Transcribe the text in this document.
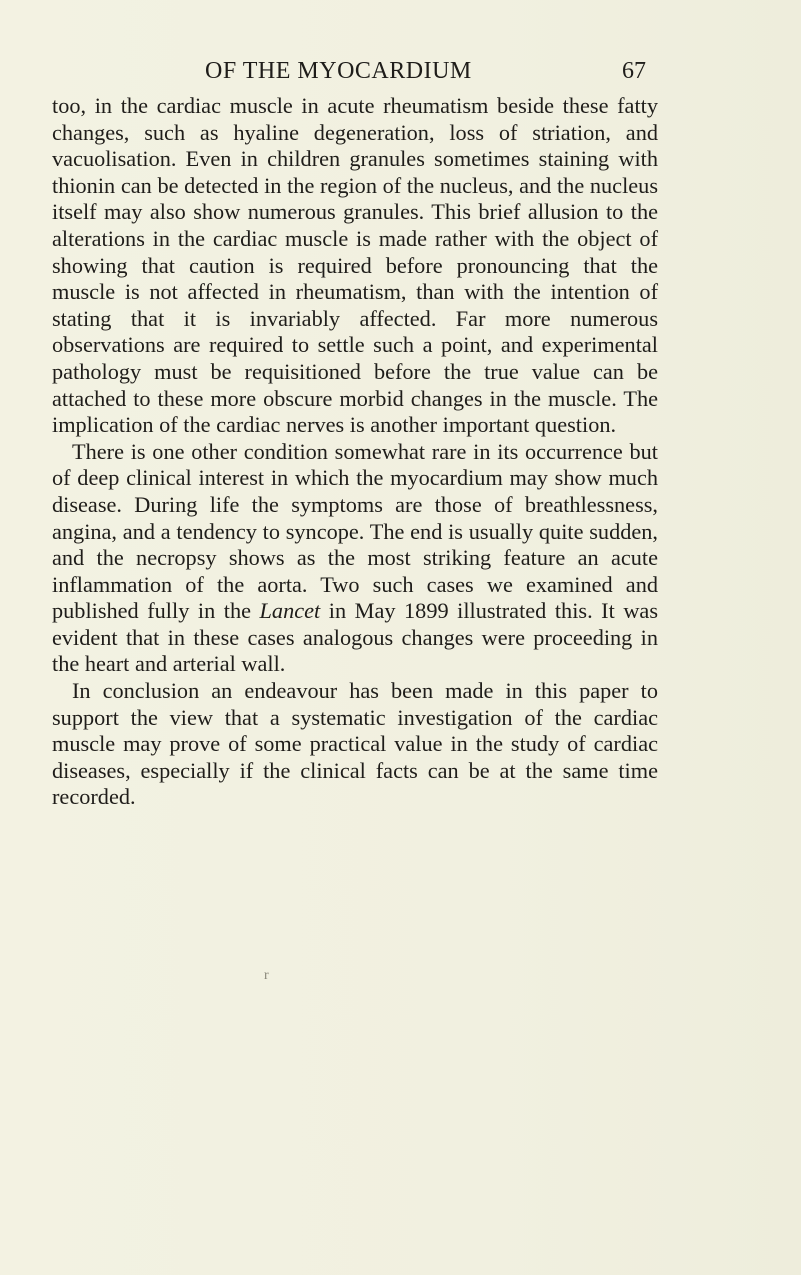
OF THE MYOCARDIUM	67

too, in the cardiac muscle in acute rheumatism beside these fatty changes, such as hyaline degeneration, loss of striation, and vacuolisation. Even in children granules sometimes staining with thionin can be detected in the region of the nucleus, and the nucleus itself may also show numerous granules. This brief allusion to the alterations in the cardiac muscle is made rather with the object of showing that caution is required before pronouncing that the muscle is not affected in rheumatism, than with the intention of stating that it is invariably affected. Far more numerous observations are required to settle such a point, and experimental pathology must be requisitioned before the true value can be attached to these more obscure morbid changes in the muscle. The implication of the cardiac nerves is another important question.

There is one other condition somewhat rare in its occurrence but of deep clinical interest in which the myocardium may show much disease. During life the symptoms are those of breathlessness, angina, and a tendency to syncope. The end is usually quite sudden, and the necropsy shows as the most striking feature an acute inflammation of the aorta. Two such cases we examined and published fully in the Lancet in May 1899 illustrated this. It was evident that in these cases analogous changes were proceeding in the heart and arterial wall.

In conclusion an endeavour has been made in this paper to support the view that a systematic investigation of the cardiac muscle may prove of some practical value in the study of cardiac diseases, especially if the clinical facts can be at the same time recorded.

r
